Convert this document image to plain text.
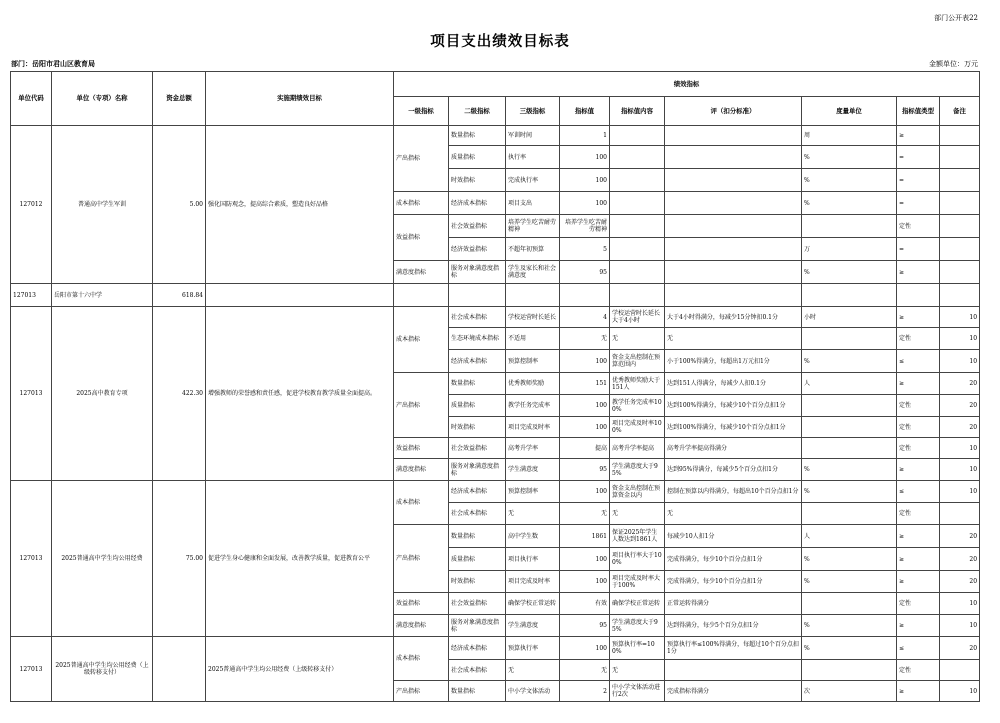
部门公开表22
项目支出绩效目标表
部门：岳阳市君山区教育局	金额单位：万元
单位代码	单位（专项）名称	资金总额	实施期绩效目标	绩效指标								
				一级指标	二级指标	三级指标	指标值	指标值内容	评（扣分标准）	度量单位	指标值类型	备注
127012	普通高中学生军训	5.00	强化国防观念，提高综合素质，塑造良好品格	产出指标	数量指标	军训时间	1			周	≥	
					质量指标	执行率	100			%	=	
					时效指标	完成执行率	100			%	=	
				成本指标	经济成本指标	项目支出	100			%	=	
				效益指标	社会效益指标	培养学生吃苦耐劳精神	培养学生吃苦耐劳精神				定性	
					经济效益指标	不超年初预算	5			万	=	
				满意度指标	服务对象满意度指标	学生及家长和社会满意度	95			%	≥	
127013	岳阳市第十六中学	618.84										
127013	2025高中教育专项	422.30	增强教师的荣誉感和责任感，促进学校教育教学质量全面提高。	成本指标	社会成本指标	学校运营时长延长	4	学校运营时长延长大于4小时	大于4小时得满分，每减少15分钟扣0.1分	小时	≥	10
					生态环境成本指标	不适用	无	无	无		定性	10
					经济成本指标	预算控制率	100	资金支出控制在预算范围内	小于100%得满分，每超出1万元扣1分	%	≤	10
				产出指标	数量指标	优秀教师奖励	151	优秀教师奖励大于151人	达到151人得满分，每减少人扣0.1分	人	≥	20
					质量指标	教学任务完成率	100	教学任务完成率100%	达到100%得满分，每减少10个百分点扣1分		定性	20
					时效指标	项目完成及时率	100	项目完成及时率100%	达到100%得满分，每减少10个百分点扣1分		定性	20
				效益指标	社会效益指标	高考升学率	提高	高考升学率提高	高考升学率提高得满分		定性	10
				满意度指标	服务对象满意度指标	学生满意度	95	学生满意度大于95%	达到95%得满分，每减少5个百分点扣1分	%	≥	10
127013	2025普通高中学生均公用经费	75.00	促进学生身心健康和全面发展，改善教学质量，促进教育公平	成本指标	经济成本指标	预算控制率	100	资金支出控制在预算资金以内	控制在预算以内得满分，每超出10个百分点扣1分	%	≤	10
					社会成本指标	无	无	无	无		定性	
				产出指标	数量指标	高中学生数	1861	保证2025年学生人数达到1861人	每减少10人扣1分	人	≥	20
					质量指标	项目执行率	100	项目执行率大于100%	完成得满分，每少10个百分点扣1分	%	≥	20
					时效指标	项目完成及时率	100	项目完成及时率大于100%	完成得满分，每少10个百分点扣1分	%	≥	20
				效益指标	社会效益指标	确保学校正常运转	有效	确保学校正常运转	正常运转得满分		定性	10
				满意度指标	服务对象满意度指标	学生满意度	95	学生满意度大于95%	达到得满分，每少5个百分点扣1分	%	≥	10
127013	2025普通高中学生均公用经费（上级转移支付）		2025普通高中学生均公用经费（上级转移支付）	成本指标	经济成本指标	预算执行率	100	预算执行率=100%	预算执行率≤100%得满分，每超过10个百分点扣1分	%	≤	20
					社会成本指标	无	无	无			定性	
				产出指标	数量指标	中小学文体活动	2	中小学文体活动进行2次	完成指标得满分	次	≥	10
